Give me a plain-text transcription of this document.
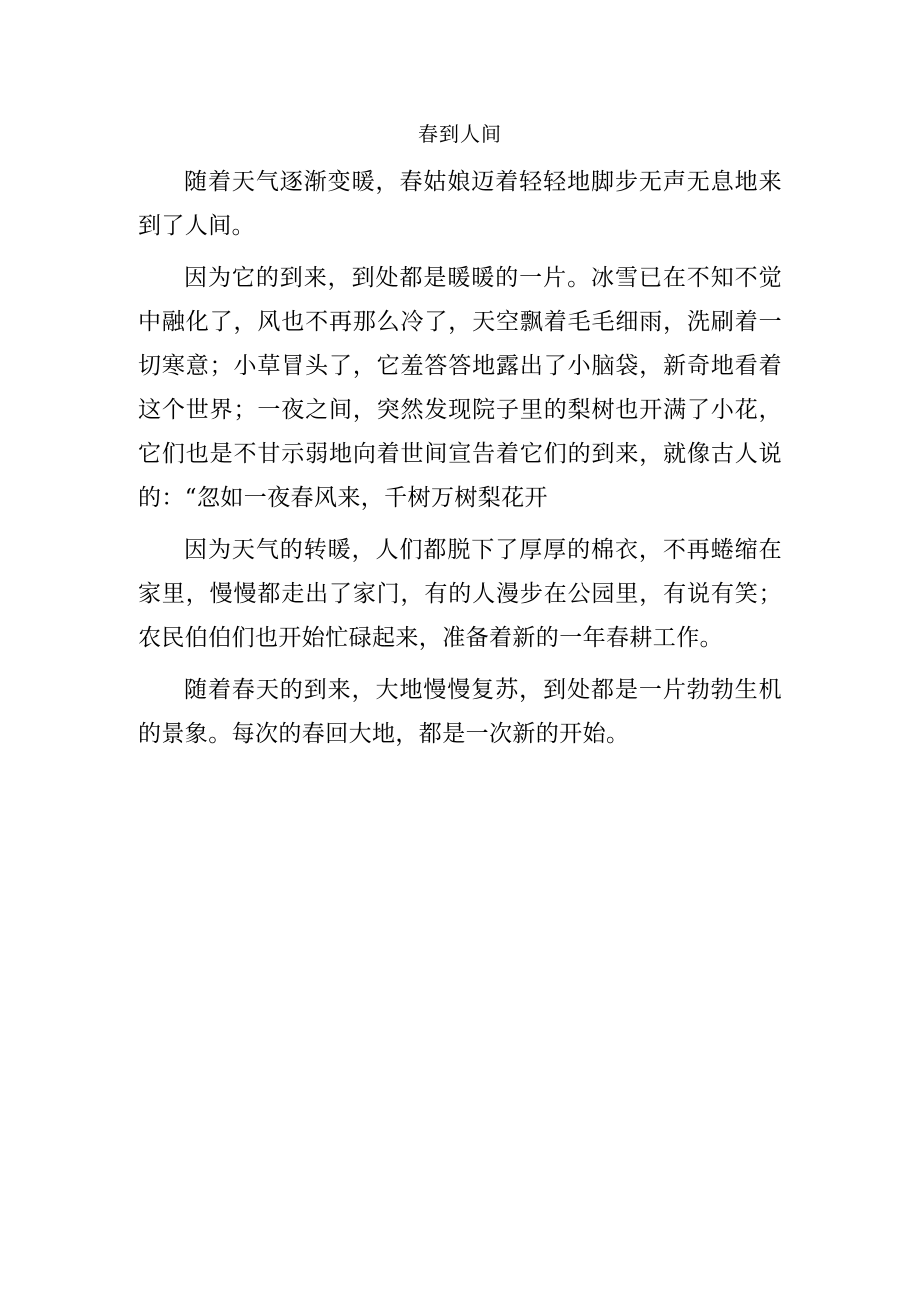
春到人间

随着天气逐渐变暖，春姑娘迈着轻轻地脚步无声无息地来到了人间。

因为它的到来，到处都是暖暖的一片。冰雪已在不知不觉中融化了，风也不再那么冷了，天空飘着毛毛细雨，洗刷着一切寒意；小草冒头了，它羞答答地露出了小脑袋，新奇地看着这个世界；一夜之间，突然发现院子里的梨树也开满了小花，它们也是不甘示弱地向着世间宣告着它们的到来，就像古人说的：“忽如一夜春风来，千树万树梨花开

因为天气的转暖，人们都脱下了厚厚的棉衣，不再蜷缩在家里，慢慢都走出了家门，有的人漫步在公园里，有说有笑；农民伯伯们也开始忙碌起来，准备着新的一年春耕工作。

随着春天的到来，大地慢慢复苏，到处都是一片勃勃生机的景象。每次的春回大地，都是一次新的开始。
